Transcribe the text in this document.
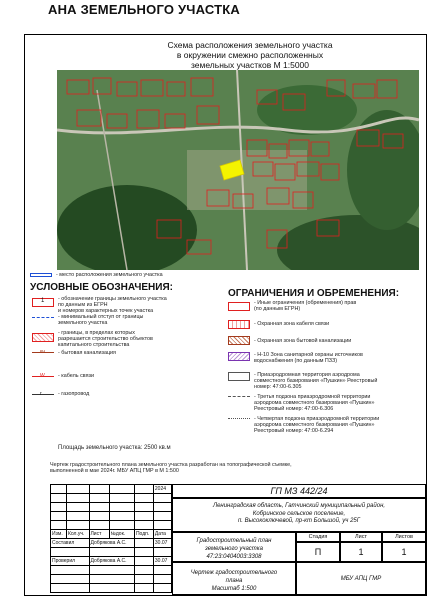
АНА ЗЕМЕЛЬНОГО УЧАСТКА
Схема расположения земельного участка
в окружении смежно расположенных
земельных участков М 1:5000
- место расположения земельного участка
УСЛОВНЫЕ ОБОЗНАЧЕНИЯ:
1	- обозначение границы земельного участка
по данным из ЕГРН
и номеров характерных точек участка
- минимальный отступ от границы
земельного участка
- границы, в пределах которых
разрешается строительство объектов
капитального строительства
кн - бытовая канализация
W - кабель связи
г	- газопровод
ОГРАНИЧЕНИЯ И ОБРЕМЕНЕНИЯ:
- Иные ограничения (обременения) прав
(по данным ЕГРН)
- Охранная зона кабеля связи
- Охранная зона бытовой канализации
- Н-10 Зона санитарной охраны источников
водоснабжения (по данным ПЗЗ)
- Приаэродромная территория аэродрома
совместного базирования «Пушкин» Реестровый
номер: 47:00-6.305
- Третья подзона приаэродромной территории
аэродрома совместного базирования «Пушкин»
Реестровый номер: 47:00-6.306
- Четвертая подзона приаэродромной территории
аэродрома совместного базирования «Пушкин»
Реестровый номер: 47:00-6.294
Площадь земельного участка: 2500 кв.м
Чертеж градостроительного плана земельного участка разработан на топографической съемке,
выполненной в мае 2024г. МБУ АПЦ ГМР в М 1:500
ГП МЗ 442/24
Ленинградская область, Гатчинский муниципальный район,
Кобринское сельское поселение,
п. Высокоключевой, пр-кт Большой, уч 25Г
					2024

Изм.	Кол.уч.	Лист	№док.	Подп.	Дата
Составил		Добрякова А.С.			30.07

Проверил		Добрякова А.С.			30.07

Градостроительный план
земельного участка
47:23:0404003:3308
Стадия	Лист	Листов
П	1	1
Чертеж градостроительного
плана
Масштаб 1:500
МБУ АПЦ ГМР
